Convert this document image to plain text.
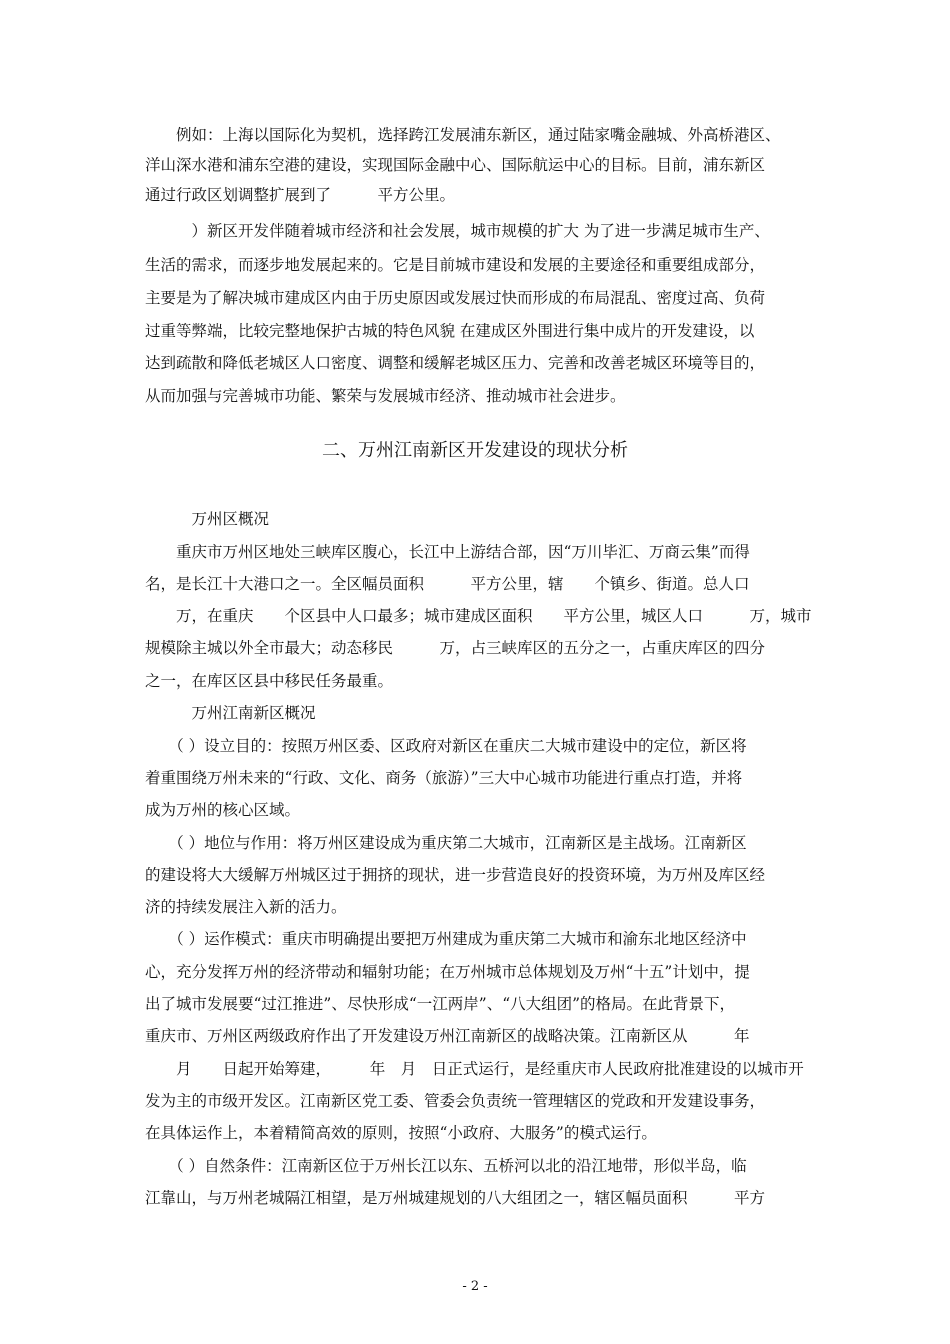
　　例如：上海以国际化为契机，选择跨江发展浦东新区，通过陆家嘴金融城、外高桥港区、
洋山深水港和浦东空港的建设，实现国际金融中心、国际航运中心的目标。目前，浦东新区
通过行政区划调整扩展到了　　　平方公里。
　　　）新区开发伴随着城市经济和社会发展，城市规模的扩大 为了进一步满足城市生产、
生活的需求，而逐步地发展起来的。它是目前城市建设和发展的主要途径和重要组成部分，
主要是为了解决城市建成区内由于历史原因或发展过快而形成的布局混乱、密度过高、负荷
过重等弊端，比较完整地保护古城的特色风貌 在建成区外围进行集中成片的开发建设，以
达到疏散和降低老城区人口密度、调整和缓解老城区压力、完善和改善老城区环境等目的，
从而加强与完善城市功能、繁荣与发展城市经济、推动城市社会进步。
二、万州江南新区开发建设的现状分析
　　　万州区概况
　　重庆市万州区地处三峡库区腹心，长江中上游结合部，因“万川毕汇、万商云集”而得
名，是长江十大港口之一。全区幅员面积　　　平方公里，辖　　个镇乡、街道。总人口
　　万，在重庆　　个区县中人口最多；城市建成区面积　　平方公里，城区人口　　　万，城市
规模除主城以外全市最大；动态移民　　　万，占三峡库区的五分之一，占重庆库区的四分
之一，在库区区县中移民任务最重。
　　　万州江南新区概况
　　（ ）设立目的：按照万州区委、区政府对新区在重庆二大城市建设中的定位，新区将
着重围绕万州未来的“行政、文化、商务（旅游）”三大中心城市功能进行重点打造，并将
成为万州的核心区域。
　　（ ）地位与作用：将万州区建设成为重庆第二大城市，江南新区是主战场。江南新区
的建设将大大缓解万州城区过于拥挤的现状，进一步营造良好的投资环境，为万州及库区经
济的持续发展注入新的活力。
　　（ ）运作模式：重庆市明确提出要把万州建成为重庆第二大城市和渝东北地区经济中
心，充分发挥万州的经济带动和辐射功能；在万州城市总体规划及万州“十五”计划中，提
出了城市发展要“过江推进”、尽快形成“一江两岸”、“八大组团”的格局。在此背景下，
重庆市、万州区两级政府作出了开发建设万州江南新区的战略决策。江南新区从　　　年
　　月　　日起开始筹建，　　　年　月　日正式运行，是经重庆市人民政府批准建设的以城市开
发为主的市级开发区。江南新区党工委、管委会负责统一管理辖区的党政和开发建设事务，
在具体运作上，本着精简高效的原则，按照“小政府、大服务”的模式运行。
　　（ ）自然条件：江南新区位于万州长江以东、五桥河以北的沿江地带，形似半岛，临
江靠山，与万州老城隔江相望，是万州城建规划的八大组团之一，辖区幅员面积　　　平方
- 2 -
